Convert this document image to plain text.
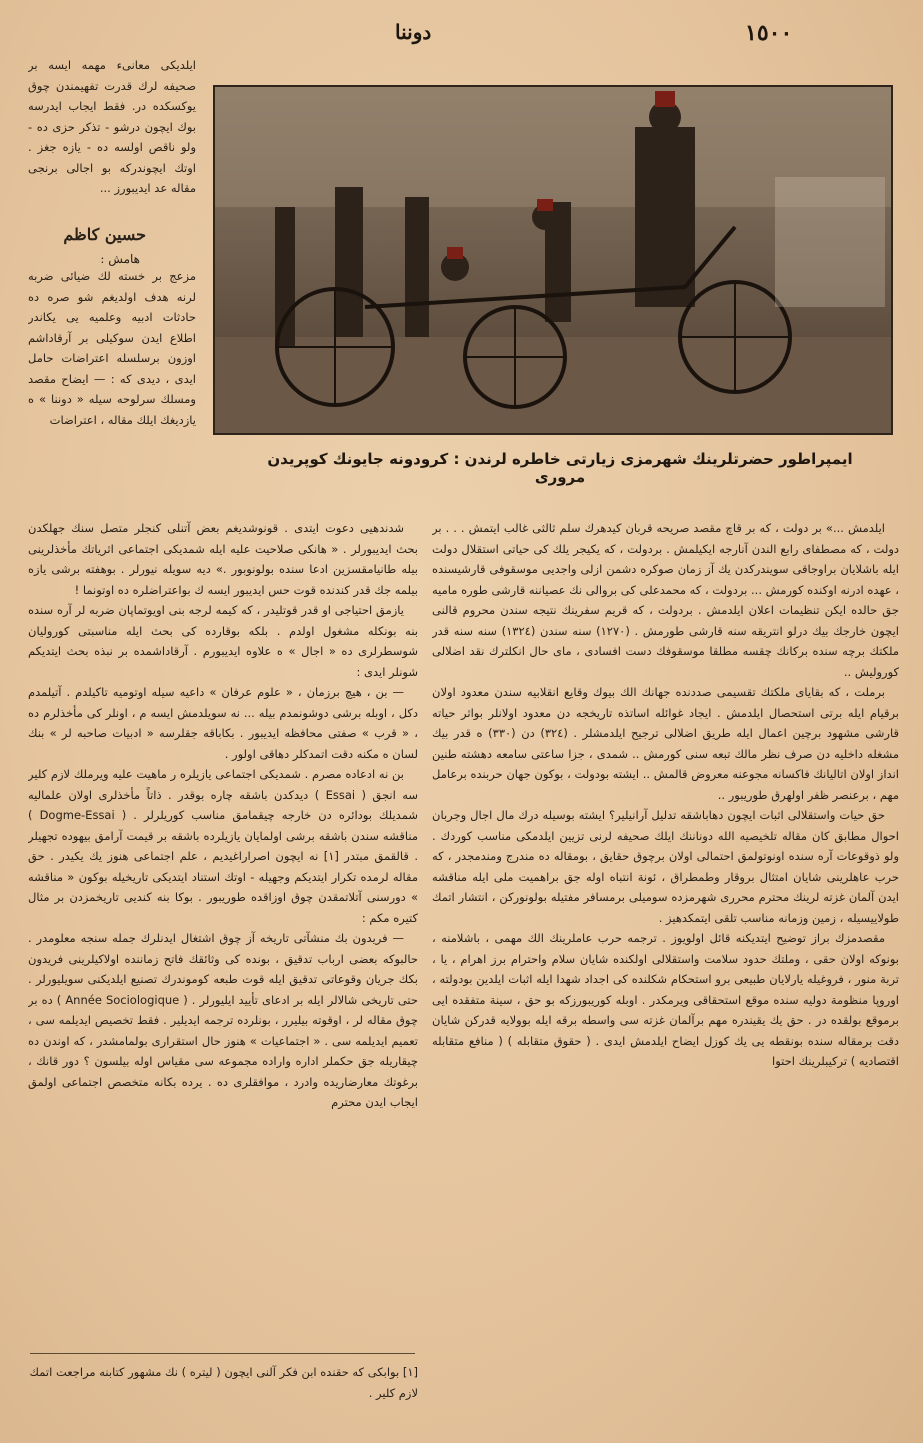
١٥٠٠
دوننا

ايلديكى معانىء مهمه ايسه بر صحيفه لرك قدرت تفهيمندن چوق يوكسكده در. فقط ايجاب ايدرسه بوك ايچون درشو - تذكر حزى ده - ولو ناقص اولسه ده - يازه جغز . اوتك ايچوندركه بو اجالى برنجى مقاله عد ايديبورز ...

حسين كاظم

هامش :

مزعج بر خسته لك ضيائى ضربه لرنه هدف اولديغم شو صره ده حادثات ادبيه وعلميه يى يكاندر اطلاع ايدن سوكيلى بر آرقاداشم اوزون برسلسله اعتراضات حامل ايدى ، ديدى كه : — ايضاح مقصد ومسلك سرلوحه سيله « دوننا » ه يازديغك ايلك مقاله ، اعتراضات

ايمپراطور حضرتلرينك شهرمزى زيارتى خاطره لرندن : كرودونه جايونك كوپريدن مرورى

ايلدمش ...» بر دولت ، كه بر قاچ مقصد صريحه قربان كيدهرك سلم ثالثى غالب ايتمش . . . بر دولت ، كه مصطفاى رابع الندن آنارجه ايكيلمش . بردولت ، كه يكيجر يلك كى حياتى استقلال دولت ايله باشلايان براوجاقى سويندركدن يك آز زمان صوكره دشمن ازلى واجديى موسقوفى قارشيسنده ، عهده ادرنه اوكنده كورمش ... بردولت ، كه محمدعلى كى بروالى نك عصياننه قارشى طوره ماميه جق حالده ايكن تنظيمات اعلان ايلدمش . بردولت ، كه قريم سفرينك نتيجه سندن محروم قالنى ايچون خارجك بيك درلو انتريقه سنه قارشى طورمش . (١٢٧٠) سنه سندن (١٣٢٤) سنه سنه قدر ملكتك برچه سنده بركانك چقسه مطلقا موسقوفك دست افسادى ، ماى حال انكلترك نقد اضلالى كوروليش ..

برملت ، كه بقاياى ملكتك تقسيمى صددنده جهانك الك بيوك وقايع انقلابيه سندن معدود اولان برقيام ايله برتى استحصال ايلدمش . ايجاد غوائله اساتذه تاريخجه دن معدود اولانلر بواثر حياته قارشى مشهود برچين اعمال ايله طريق اضلالى ترجيح ايلدمشلر . (٣٢٤) دن (٣٣٠) ه قدر بيك مشغله داخليه دن صرف نظر مالك تبعه سنى كورمش .. شمدى ، جزا ساعتى سامعه دهشته طنين انداز اولان اتاليانك فاكسانه مجوعنه معروض قالمش .. ايشته بودولت ، بوكون جهان حربنده برعامل مهم ، برعنصر ظفر اولهرق طوريبور ..

حق حيات واستقلالى اثبات ايچون دهاباشقه تدليل آرانيلير؟ ايشته بوسيله درك مال اجال وجربان احوال مطابق كان مقاله تلخيصيه الله دوناننك ايلك صحيفه لرنى تزيين ايلدمكى مناسب كوردك . ولو ذوقوعات آره سنده اونوتولمق احتمالى اولان برچوق حقايق ، بومقاله ده مندرج ومندمجدر ، كه حرب عاهلرينى شايان امتثال بروقار وطمطراق ، ئونة انتباه اوله جق براهميت ملى ايله مناقشه ايدن آلمان غزته لرينك محترم محررى شهرمزده سوميلى برمسافر مفتيله بولونوركن ، انتشار اتمك طولاييسيله ، زمين وزمانه مناسب تلقى ايتمكدهيز .

مقصدمزك براز توضيح ايتديكنه قائل اولويوز . ترجمه حرب عاملرينك الك مهمى ، باشلامنه ، بونوكه اولان حقى ، وملتك حدود سلامت واستقلالى اولكنده شايان سلام واحترام برز اهرام ، يا ، تربة منور ، فروغيله يارلايان طبيعى برو استحكام شكلنده كى اجداد شهدا ايله اثبات ايلدين بودولته ، اوروپا منظومة دوليه سنده موقع استحقاقى ويرمكدر . اوبله كوريبورزكه بو حق ، سينة متفقده ايى برموقع بولقده در . حق يك يقيندره مهم برآلمان غزته سى واسطه برقه ايله بوولايه قدركن شايان دقت برمقاله سنده بونقطه يى يك كوزل ايضاح ايلدمش ايدى . ( حقوق متقابله ) ( منافع متقابله اقتصاديه ) تركيبلرينك احتوا

شدندهيى دعوت ايتدى . قونوشديغم بعض آتنلى كنجلر متصل سنك جهلكدن بحث ايديبورلر . « هانكى صلاحيت عليه ايله شمديكى اجتماعى اثرياتك مأخذلرينى بيله طانيامقسزين ادعا سنده بولونوبور .» ديه سويله نيورلر . بوهفته برشى يازه بيلمه جك قدر كندنده قوت حس ايديبور ايسه ك بواعتراضلره ده اوتونما !

يازمق احتياجى او قدر قوتليدر ، كه كيمه لرجه بنى اويوتماپان ضربه لر آره سنده بنه بونكله مشغول اولدم . بلكه بوقارده كى بحث ايله مناسبتى كوروليان شوسطرلرى ده « اجال » ه علاوه ايديبورم . آرقاداشمده بر نبذه بحث ايتديكم شونلر ايدى :

— بن ، هيچ برزمان ، « علوم عرفان » داعيه سيله اوتوميه تاكيلدم . آتيلمدم دكل ، اوبله برشى دوشونمدم بيله ... نه سويلدمش ايسه م ، اونلر كى مأخذلرم ده ، « قرب » صفتى محافظه ايديبور . بكاباقه جقلرسه « ادبيات صاحبه لر » بنك لسان ه مكنه دقت اتمدكلر دهاقى اولور .

بن نه ادعاده مصرم . شمديكى اجتماعى يازيلره ر ماهيت عليه ويرملك لازم كلير سه انجق ( Essai ) ديدكدن باشقه چاره بوقدر . ذاتاً مأخذلرى اولان علماليه شمديلك بودائره دن خارجه چيقمامق مناسب كوريلرلر . ( Dogme-Essai ) مناقشه سندن باشقه برشى اولمايان يازيلرده باشقه بر قيمت آرامق بيهوده تجهيلر . قالقمق مبتدر [١] نه ايچون اصراراغيديم ، علم اجتماعى هنوز يك يكيدر . حق مقاله لرمده تكرار ايتديكم وجهيله - اوتك استناد ايتديكى تاريخيله بوكون « مناقشه » دورسنى آتلاتمقدن چوق اوزاقده طوريبور . بوكا بنه كنديى تاريخمزدن بر مثال كتيره مكم :

— فريدون بك منشآتى تاريخه آز چوق اشتغال ايدنلرك جمله سنجه معلومدر . حالبوكه بعضى ارباب تدقيق ، بونده كى وثائقك فاتح زماننده اولاكيلرينى فريدون بكك جريان وقوعاتى تدقيق ايله قوت طبعه كوموندرك تصنيع ايلديكنى سويليورلر . حتى تاريخى شالالر ايله بر ادعاى تأييد ايليورلر . ( Année Sociologique ) ده بر چوق مقاله لر ، اوقوته بيليرر ، بونلرده ترجمه ايديلير . فقط تخصيص ايديلمه سى ، تعميم ايديلمه سى . « اجتماعيات » هنوز حال استقرارى بولمامشدر ، كه اوندن ده چيقاريله جق حكملر اداره واراده مجموعه سى مقياس اوله بيلسون ؟ دور قانك ، برغوتك معارضاريده وادرد ، موافقلرى ده . يرده بكانه متخصص اجتماعى اولمق ايجاب ايدن محترم

[١] بوابكى كه حقنده ابن فكر آلنى ايچون ( ليتره ) نك مشهور كتابنه مراجعت اتمك لازم كلير .
